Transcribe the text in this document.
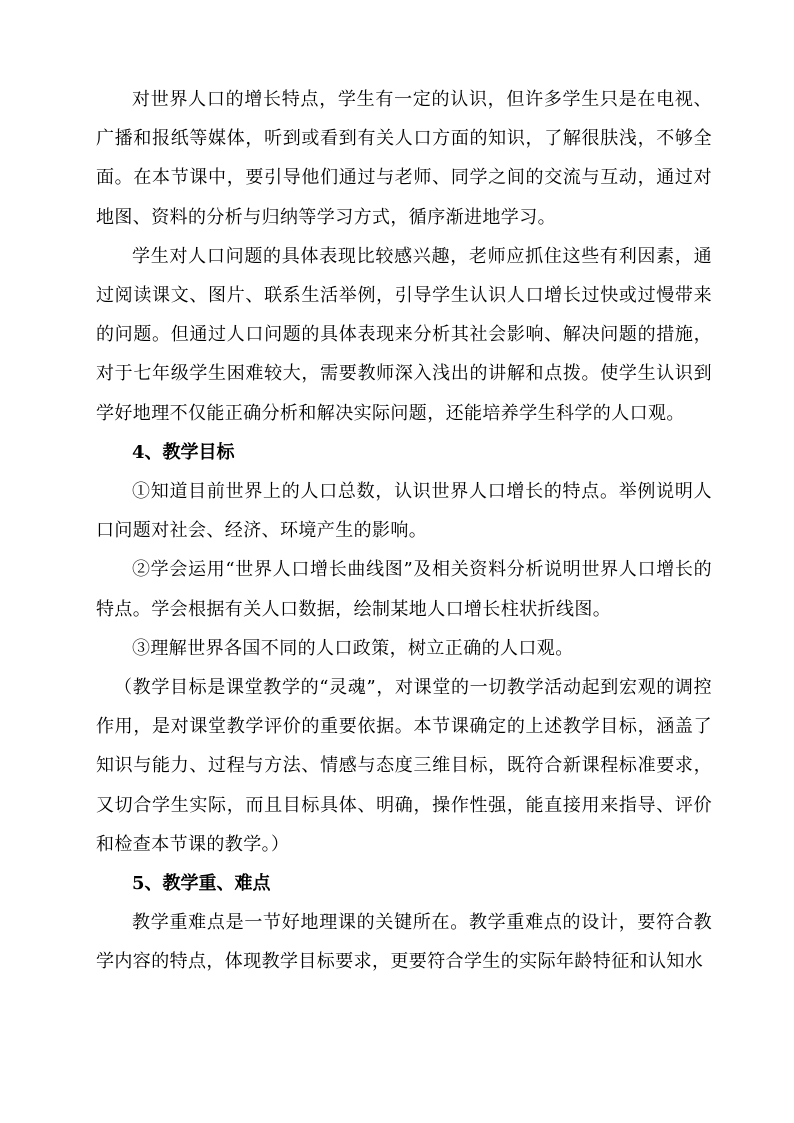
对世界人口的增长特点，学生有一定的认识，但许多学生只是在电视、广播和报纸等媒体，听到或看到有关人口方面的知识，了解很肤浅，不够全面。在本节课中，要引导他们通过与老师、同学之间的交流与互动，通过对地图、资料的分析与归纳等学习方式，循序渐进地学习。

学生对人口问题的具体表现比较感兴趣，老师应抓住这些有利因素，通过阅读课文、图片、联系生活举例，引导学生认识人口增长过快或过慢带来的问题。但通过人口问题的具体表现来分析其社会影响、解决问题的措施，对于七年级学生困难较大，需要教师深入浅出的讲解和点拨。使学生认识到学好地理不仅能正确分析和解决实际问题，还能培养学生科学的人口观。

4、教学目标

①知道目前世界上的人口总数，认识世界人口增长的特点。举例说明人口问题对社会、经济、环境产生的影响。

②学会运用“世界人口增长曲线图”及相关资料分析说明世界人口增长的特点。学会根据有关人口数据，绘制某地人口增长柱状折线图。

③理解世界各国不同的人口政策，树立正确的人口观。

（教学目标是课堂教学的“灵魂”，对课堂的一切教学活动起到宏观的调控作用，是对课堂教学评价的重要依据。本节课确定的上述教学目标，涵盖了知识与能力、过程与方法、情感与态度三维目标，既符合新课程标准要求，又切合学生实际，而且目标具体、明确，操作性强，能直接用来指导、评价和检查本节课的教学。）

5、教学重、难点

教学重难点是一节好地理课的关键所在。教学重难点的设计，要符合教学内容的特点，体现教学目标要求，更要符合学生的实际年龄特征和认知水
